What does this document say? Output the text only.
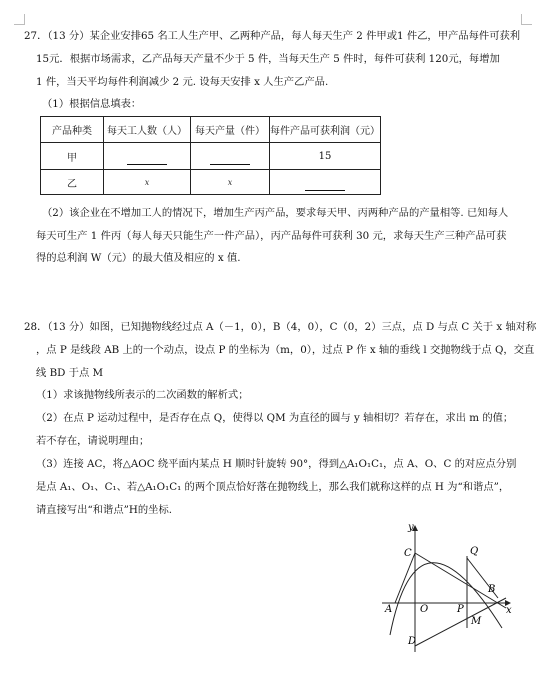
27．（13 分）某企业安排65 名工人生产甲、乙两种产品，每人每天生产 2 件甲或1 件乙，甲产品每件可获利
15元．根据市场需求，乙产品每天产量不少于 5 件，当每天生产 5 件时，每件可获利 120元，每增加
1 件，当天平均每件利润减少 2 元. 设每天安排 x 人生产乙产品.
（1）根据信息填表：
产品种类	每天工人数（人）	每天产量（件）	每件产品可获利润（元）
甲			15
乙	x	x	
（2）该企业在不增加工人的情况下，增加生产丙产品，要求每天甲、丙两种产品的产量相等. 已知每人
每天可生产 1 件丙（每人每天只能生产一件产品），丙产品每件可获利 30 元，求每天生产三种产品可获
得的总利润 W（元）的最大值及相应的 x 值.
28．（13 分）如图，已知抛物线经过点 A（－1，0），B（4，0），C（0，2）三点，点 D 与点 C 关于 x 轴对称
，点 P 是线段 AB 上的一个动点，设点 P 的坐标为（m，0），过点 P 作 x 轴的垂线 l 交抛物线于点 Q，交直
线 BD 于点 M
（1）求该抛物线所表示的二次函数的解析式；
（2）在点 P 运动过程中，是否存在点 Q，使得以 QM 为直径的圆与 y 轴相切？若存在，求出 m 的值；
若不存在，请说明理由；
（3）连接 AC，将△AOC 绕平面内某点 H 顺时针旋转 90°，得到△A₁O₁C₁，点 A、O、C 的对应点分别
是点 A₁、O₁、C₁、若△A₁O₁C₁ 的两个顶点恰好落在抛物线上，那么我们就称这样的点 H 为“和谐点”，
请直接写出“和谐点”H的坐标.
y
x
C	Q
B
A	O	P
M
D
